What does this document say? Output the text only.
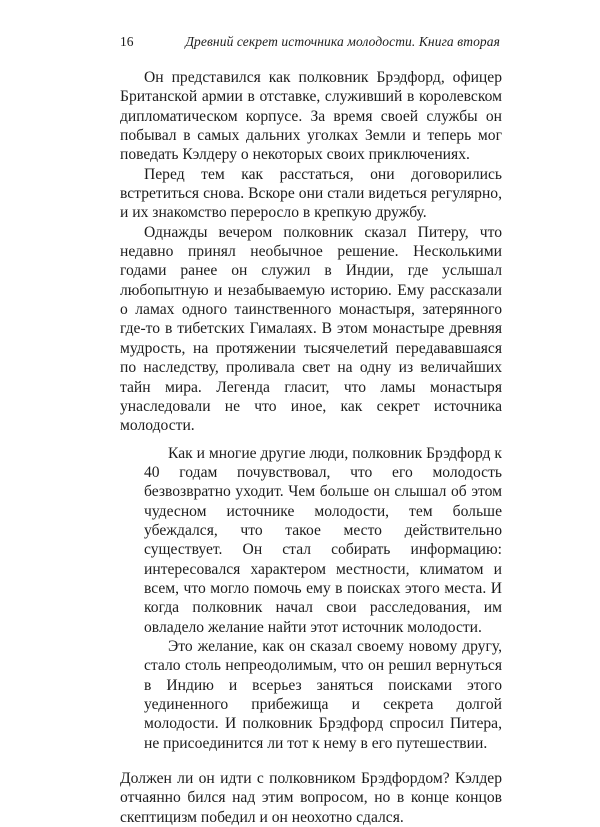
16	Древний секрет источника молодости. Книга вторая

Он представился как полковник Брэдфорд, офицер Британской армии в отставке, служивший в королевском дипломатическом корпусе. За время своей службы он побывал в самых дальних уголках Земли и теперь мог поведать Кэлдеру о некоторых своих приключениях.

Перед тем как расстаться, они договорились встретиться снова. Вскоре они стали видеться регулярно, и их знакомство переросло в крепкую дружбу.

Однажды вечером полковник сказал Питеру, что недавно принял необычное решение. Несколькими годами ранее он служил в Индии, где услышал любопытную и незабываемую историю. Ему рассказали о ламах одного таинственного монастыря, затерянного где-то в тибетских Гималаях. В этом монастыре древняя мудрость, на протяжении тысячелетий передававшаяся по наследству, проливала свет на одну из величайших тайн мира. Легенда гласит, что ламы монастыря унаследовали не что иное, как секрет источника молодости.

Как и многие другие люди, полковник Брэдфорд к 40 годам почувствовал, что его молодость безвозвратно уходит. Чем больше он слышал об этом чудесном источнике молодости, тем больше убеждался, что такое место действительно существует. Он стал собирать информацию: интересовался характером местности, климатом и всем, что могло помочь ему в поисках этого места. И когда полковник начал свои расследования, им овладело желание найти этот источник молодости.

Это желание, как он сказал своему новому другу, стало столь непреодолимым, что он решил вернуться в Индию и всерьез заняться поисками этого уединенного прибежища и секрета долгой молодости. И полковник Брэдфорд спросил Питера, не присоединится ли тот к нему в его путешествии.

Должен ли он идти с полковником Брэдфордом? Кэлдер отчаянно бился над этим вопросом, но в конце концов скептицизм победил и он неохотно сдался.
